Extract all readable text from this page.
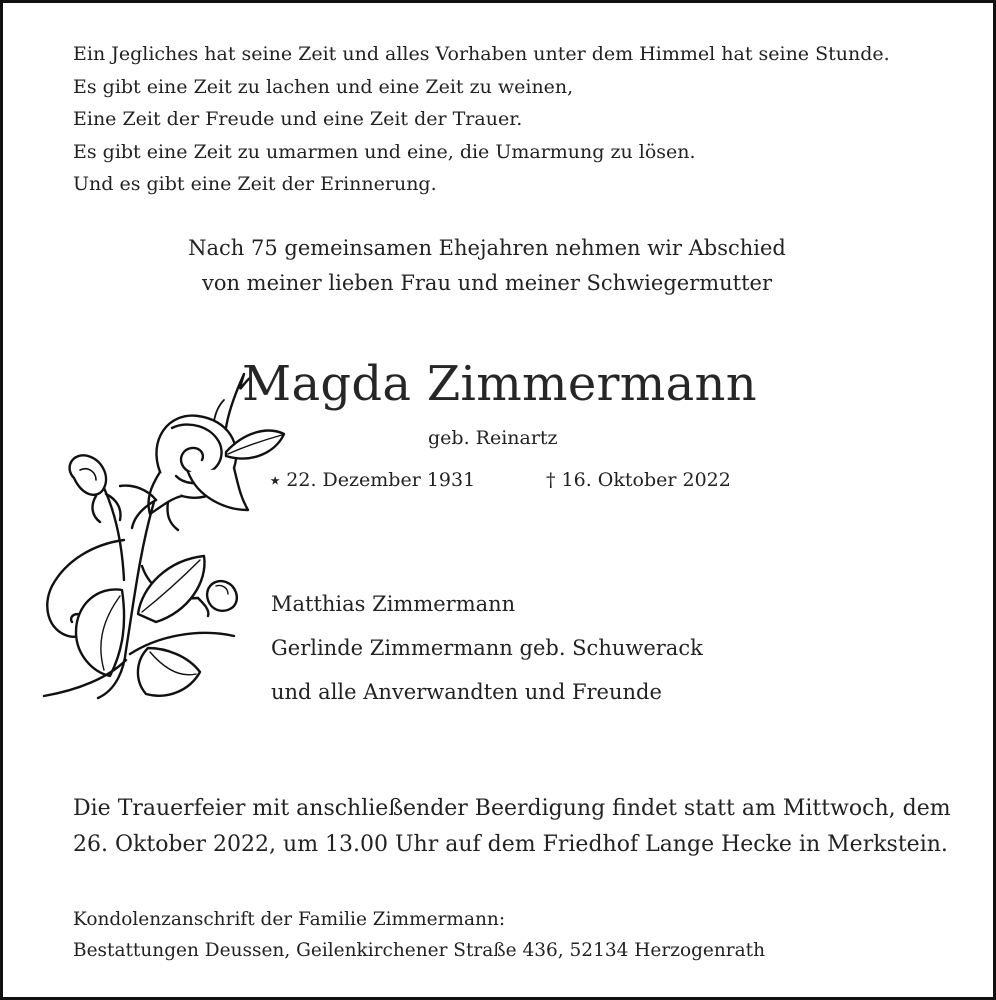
Ein Jegliches hat seine Zeit und alles Vorhaben unter dem Himmel hat seine Stunde.
Es gibt eine Zeit zu lachen und eine Zeit zu weinen,
Eine Zeit der Freude und eine Zeit der Trauer.
Es gibt eine Zeit zu umarmen und eine, die Umarmung zu lösen.
Und es gibt eine Zeit der Erinnerung.
Nach 75 gemeinsamen Ehejahren nehmen wir Abschied
von meiner lieben Frau und meiner Schwiegermutter
Magda Zimmermann
geb. Reinartz
⭑ 22. Dezember 1931	† 16. Oktober 2022
Matthias Zimmermann
Gerlinde Zimmermann geb. Schuwerack
und alle Anverwandten und Freunde
Die Trauerfeier mit anschließender Beerdigung findet statt am Mittwoch, dem
26. Oktober 2022, um 13.00 Uhr auf dem Friedhof Lange Hecke in Merkstein.
Kondolenzanschrift der Familie Zimmermann:
Bestattungen Deussen, Geilenkirchener Straße 436, 52134 Herzogenrath
